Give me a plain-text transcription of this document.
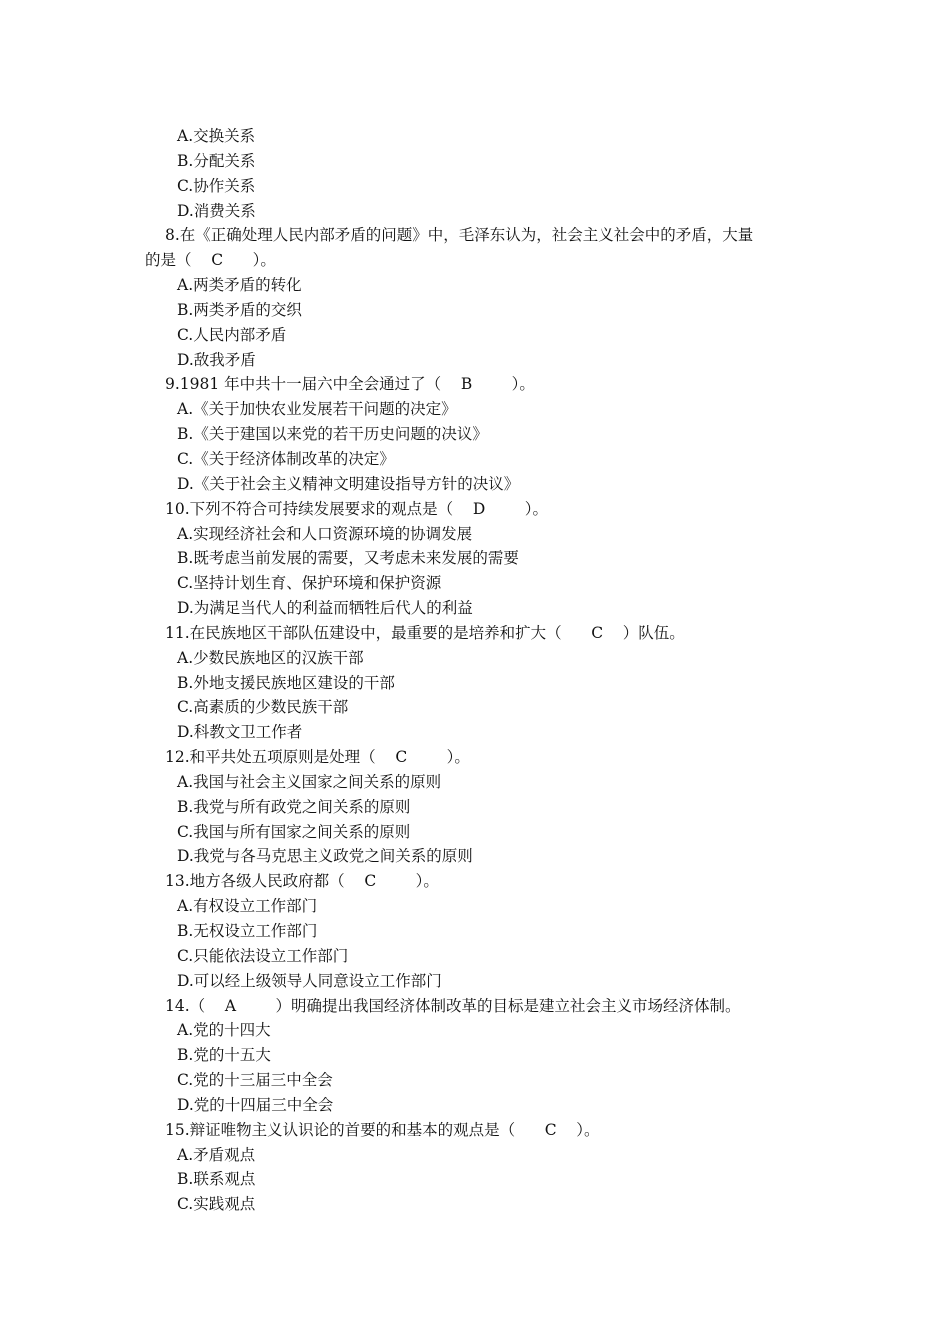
A.交换关系
B.分配关系
C.协作关系
D.消费关系
8.在《正确处理人民内部矛盾的问题》中，毛泽东认为，社会主义社会中的矛盾，大量
的是（    C      ）。
A.两类矛盾的转化
B.两类矛盾的交织
C.人民内部矛盾
D.敌我矛盾
9.1981 年中共十一届六中全会通过了（    B        ）。
A.《关于加快农业发展若干问题的决定》
B.《关于建国以来党的若干历史问题的决议》
C.《关于经济体制改革的决定》
D.《关于社会主义精神文明建设指导方针的决议》
10.下列不符合可持续发展要求的观点是（    D        ）。
A.实现经济社会和人口资源环境的协调发展
B.既考虑当前发展的需要，又考虑未来发展的需要
C.坚持计划生育、保护环境和保护资源
D.为满足当代人的利益而牺牲后代人的利益
11.在民族地区干部队伍建设中，最重要的是培养和扩大（      C    ）队伍。
A.少数民族地区的汉族干部
B.外地支援民族地区建设的干部
C.高素质的少数民族干部
D.科教文卫工作者
12.和平共处五项原则是处理（    C        ）。
A.我国与社会主义国家之间关系的原则
B.我党与所有政党之间关系的原则
C.我国与所有国家之间关系的原则
D.我党与各马克思主义政党之间关系的原则
13.地方各级人民政府都（    C        ）。
A.有权设立工作部门
B.无权设立工作部门
C.只能依法设立工作部门
D.可以经上级领导人同意设立工作部门
14.（    A        ）明确提出我国经济体制改革的目标是建立社会主义市场经济体制。
A.党的十四大
B.党的十五大
C.党的十三届三中全会
D.党的十四届三中全会
15.辩证唯物主义认识论的首要的和基本的观点是（      C    ）。
A.矛盾观点
B.联系观点
C.实践观点
